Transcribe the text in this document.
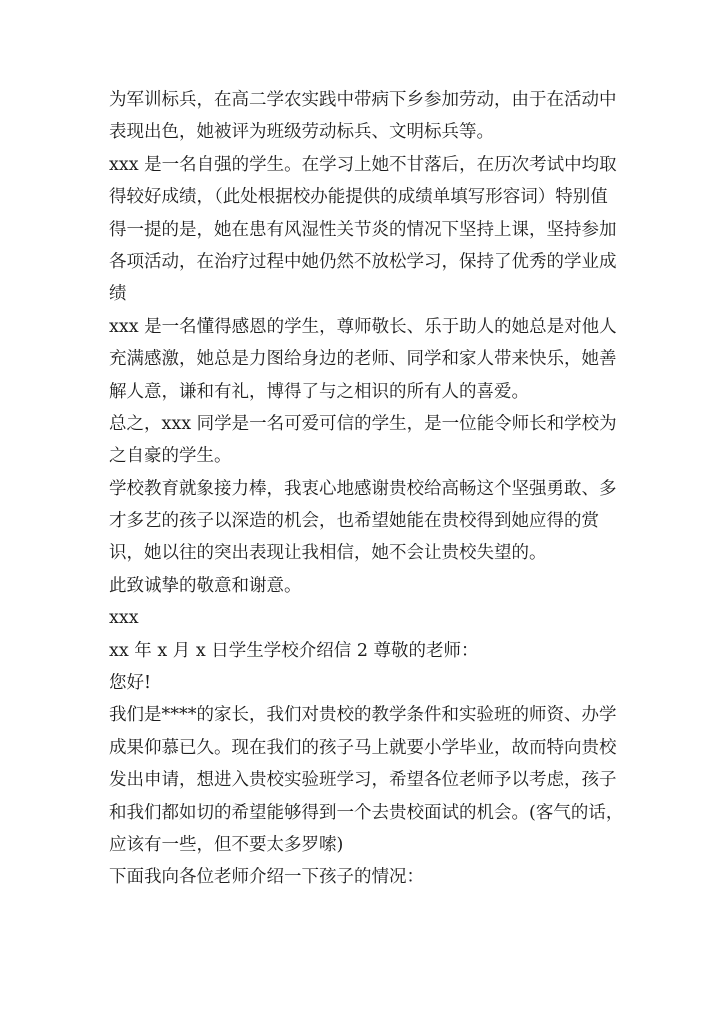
为军训标兵，在高二学农实践中带病下乡参加劳动，由于在活动中
表现出色，她被评为班级劳动标兵、文明标兵等。
xxx 是一名自强的学生。在学习上她不甘落后，在历次考试中均取
得较好成绩，（此处根据校办能提供的成绩单填写形容词）特别值
得一提的是，她在患有风湿性关节炎的情况下坚持上课，坚持参加
各项活动，在治疗过程中她仍然不放松学习，保持了优秀的学业成
绩
xxx 是一名懂得感恩的学生，尊师敬长、乐于助人的她总是对他人
充满感激，她总是力图给身边的老师、同学和家人带来快乐，她善
解人意，谦和有礼，博得了与之相识的所有人的喜爱。
总之，xxx 同学是一名可爱可信的学生，是一位能令师长和学校为
之自豪的学生。
学校教育就象接力棒，我衷心地感谢贵校给高畅这个坚强勇敢、多
才多艺的孩子以深造的机会，也希望她能在贵校得到她应得的赏
识，她以往的突出表现让我相信，她不会让贵校失望的。
此致诚挚的敬意和谢意。
xxx
xx 年 x 月 x 日学生学校介绍信 2 尊敬的老师：
您好!
我们是****的家长，我们对贵校的教学条件和实验班的师资、办学
成果仰慕已久。现在我们的孩子马上就要小学毕业，故而特向贵校
发出申请，想进入贵校实验班学习，希望各位老师予以考虑，孩子
和我们都如切的希望能够得到一个去贵校面试的机会。(客气的话，
应该有一些，但不要太多罗嗦)
下面我向各位老师介绍一下孩子的情况：
